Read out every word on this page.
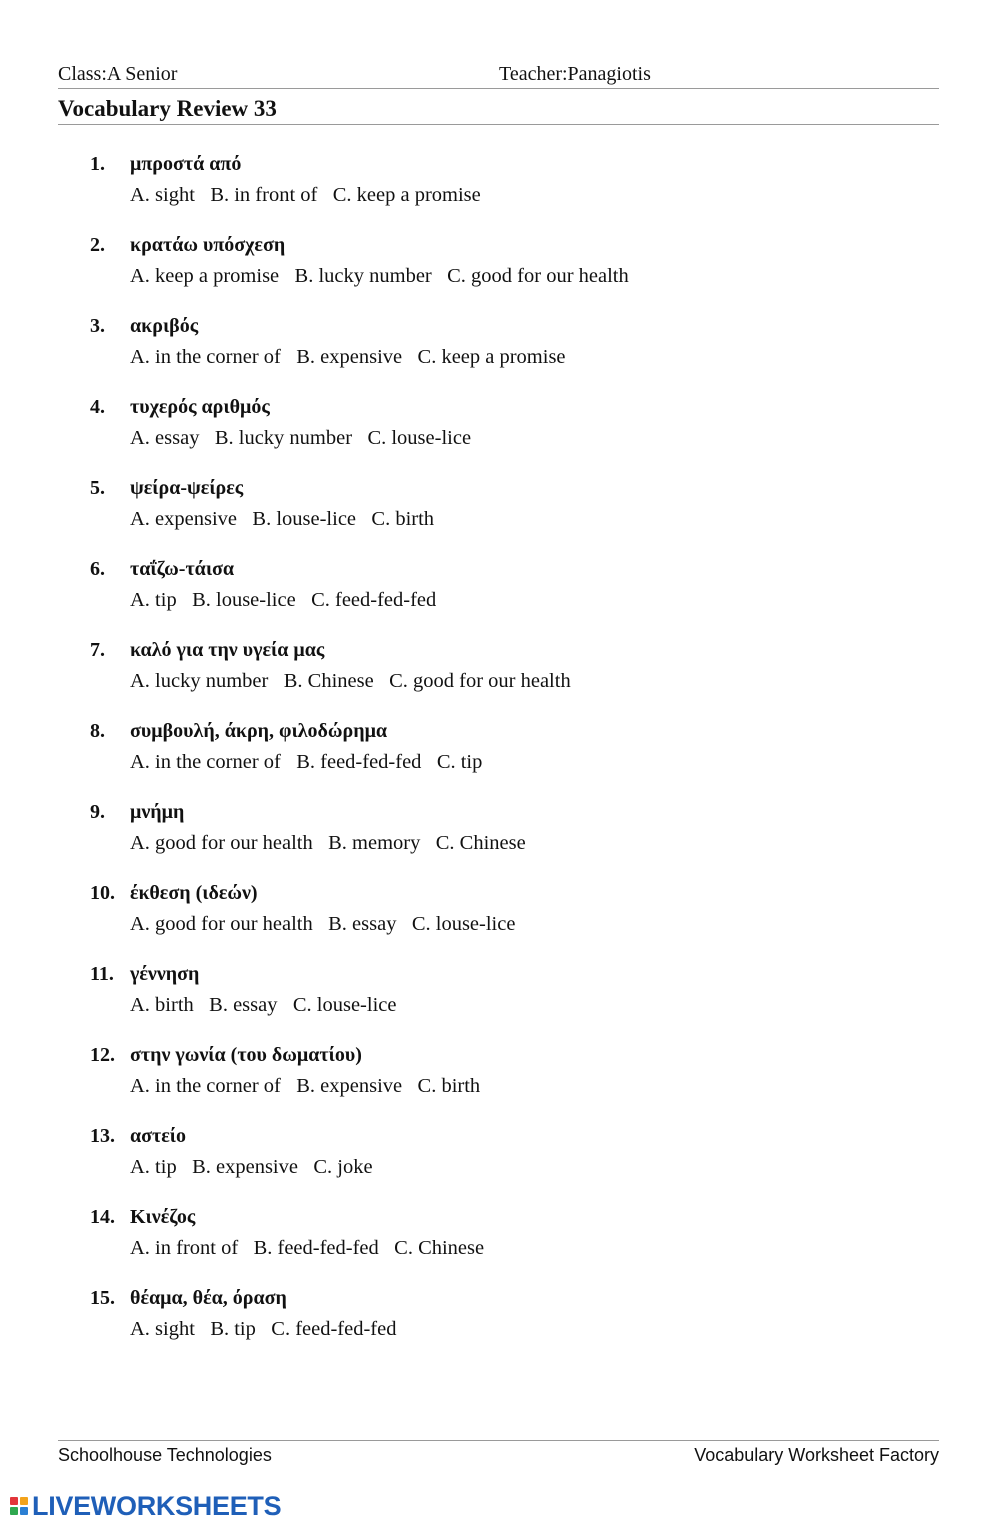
Class:A Senior	Teacher:Panagiotis
Vocabulary Review 33
1.	μπροστά από
A. sight B. in front of C. keep a promise
2.	κρατάω υπόσχεση
A. keep a promise B. lucky number C. good for our health
3.	ακριβός
A. in the corner of B. expensive C. keep a promise
4.	τυχερός αριθμός
A. essay B. lucky number C. louse-lice
5.	ψείρα-ψείρες
A. expensive B. louse-lice C. birth
6.	ταΐζω-τάισα
A. tip B. louse-lice C. feed-fed-fed
7.	καλό για την υγεία μας
A. lucky number B. Chinese C. good for our health
8.	συμβουλή, άκρη, φιλοδώρημα
A. in the corner of B. feed-fed-fed C. tip
9.	μνήμη
A. good for our health B. memory C. Chinese
10. έκθεση (ιδεών)
A. good for our health B. essay C. louse-lice
11. γέννηση
A. birth B. essay C. louse-lice
12. στην γωνία (του δωματίου)
A. in the corner of B. expensive C. birth
13. αστείο
A. tip B. expensive C. joke
14. Κινέζος
A. in front of B. feed-fed-fed C. Chinese
15. θέαμα, θέα, όραση
A. sight B. tip C. feed-fed-fed
Schoolhouse Technologies	Vocabulary Worksheet Factory
LIVEWORKSHEETS
